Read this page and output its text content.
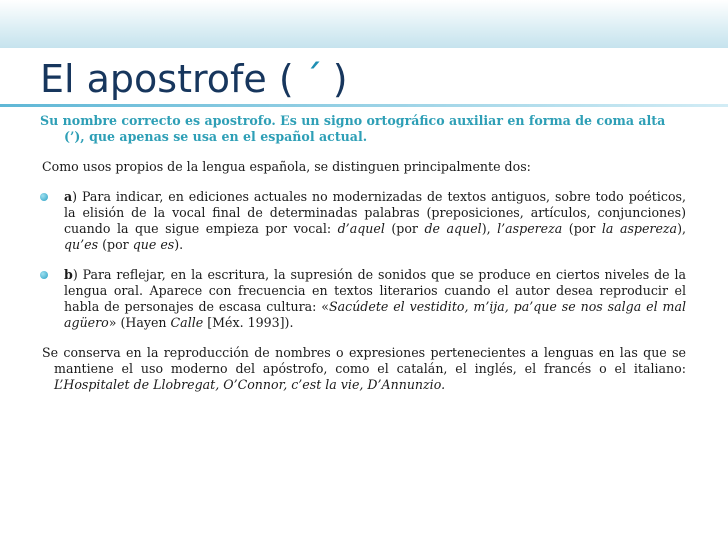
El apostrofe ( ´ )

Su nombre correcto es apostrofo. Es un signo ortográfico auxiliar en forma de coma alta (’), que apenas se usa en el español actual.

Como usos propios de la lengua española, se distinguen principalmente dos:

a) Para indicar, en ediciones actuales no modernizadas de textos antiguos, sobre todo poéticos, la elisión de la vocal final de determinadas palabras (preposiciones, artículos, conjunciones) cuando la que sigue empieza por vocal: d’aquel (por de aquel), l’aspereza (por la aspereza), qu’es (por que es).
b) Para reflejar, en la escritura, la supresión de sonidos que se produce en ciertos niveles de la lengua oral. Aparece con frecuencia en textos literarios cuando el autor desea reproducir el habla de personajes de escasa cultura: «Sacúdete el vestidito, m’ija, pa’que se nos salga el mal agüero» (Hayen Calle [Méx. 1993]).

Se conserva en la reproducción de nombres o expresiones pertenecientes a lenguas en las que se mantiene el uso moderno del apóstrofo, como el catalán, el inglés, el francés o el italiano: L’Hospitalet de Llobregat, O’Connor, c’est la vie, D’Annunzio.
